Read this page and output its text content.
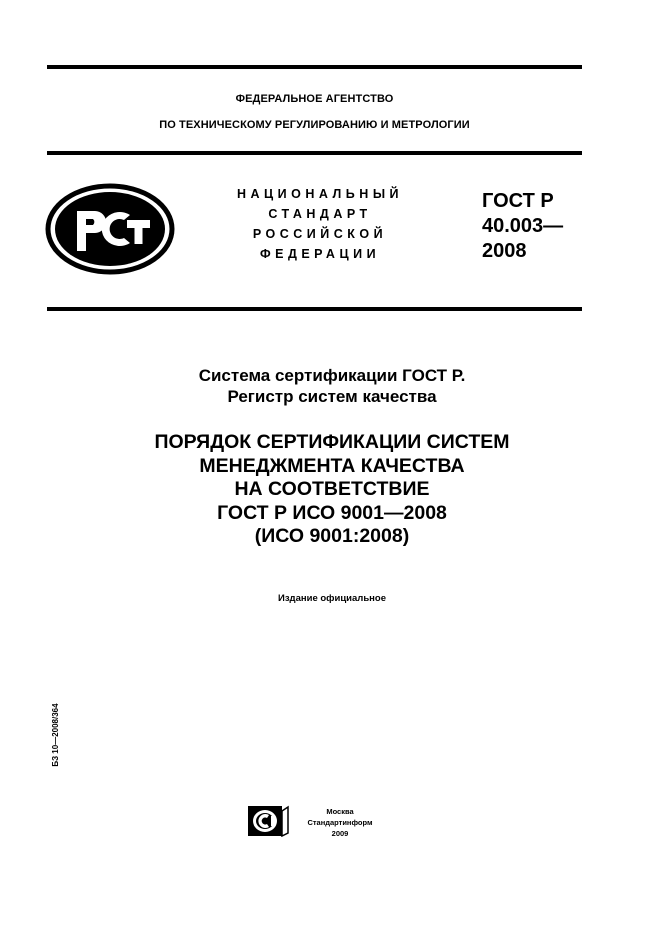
ФЕДЕРАЛЬНОЕ АГЕНТСТВО
ПО ТЕХНИЧЕСКОМУ РЕГУЛИРОВАНИЮ И МЕТРОЛОГИИ
НАЦИОНАЛЬНЫЙ
СТАНДАРТ
РОССИЙСКОЙ
ФЕДЕРАЦИИ
ГОСТ Р
40.003—
2008
Система сертификации ГОСТ Р.
Регистр систем качества
ПОРЯДОК СЕРТИФИКАЦИИ СИСТЕМ
МЕНЕДЖМЕНТА КАЧЕСТВА
НА СООТВЕТСТВИЕ
ГОСТ Р ИСО 9001—2008
(ИСО 9001:2008)
Издание официальное
БЗ 10—2008/364
Москва
Стандартинформ
2009
